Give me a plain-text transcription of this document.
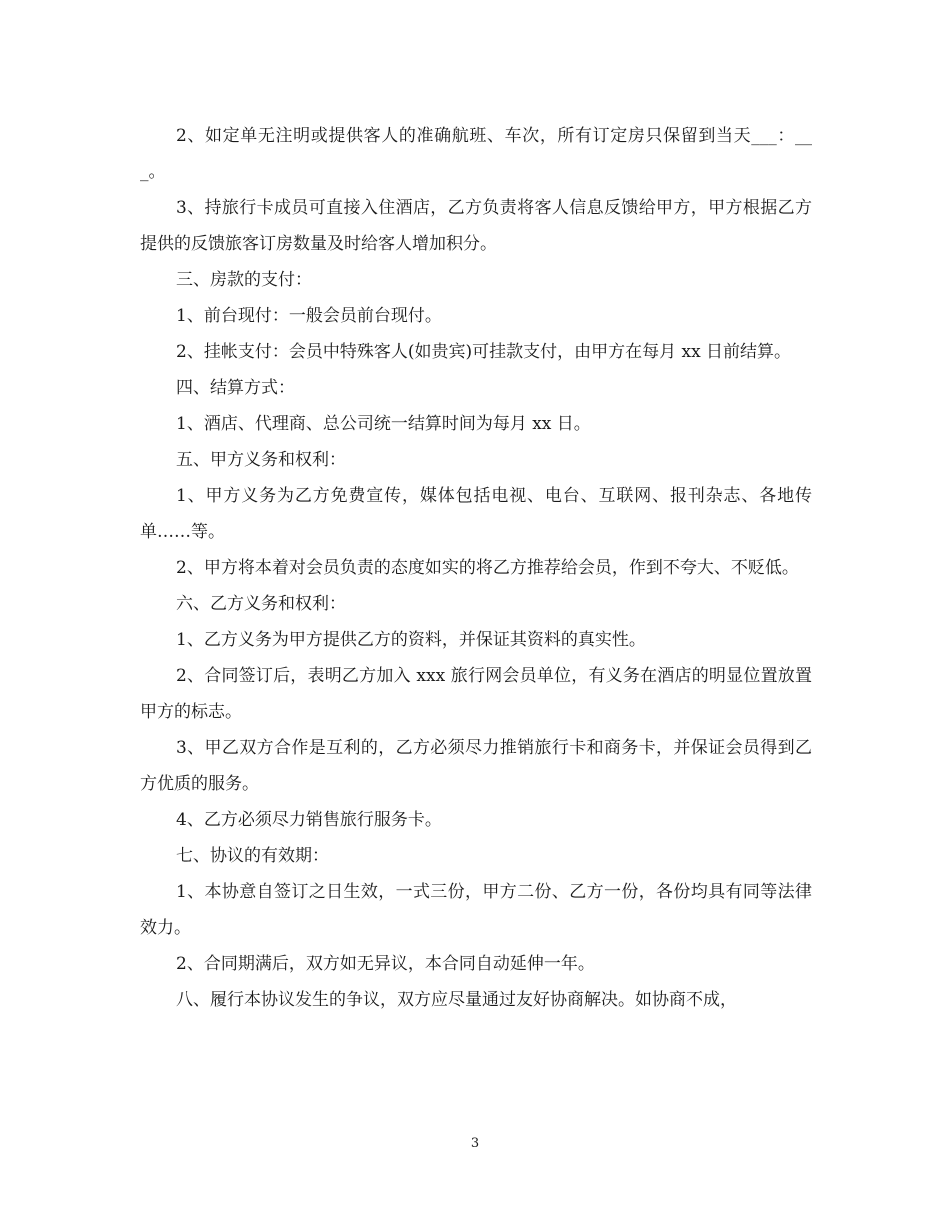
2、如定单无注明或提供客人的准确航班、车次，所有订定房只保留到当天___：___。

3、持旅行卡成员可直接入住酒店，乙方负责将客人信息反馈给甲方，甲方根据乙方提供的反馈旅客订房数量及时给客人增加积分。

三、房款的支付：

1、前台现付：一般会员前台现付。

2、挂帐支付：会员中特殊客人(如贵宾)可挂款支付，由甲方在每月 xx 日前结算。

四、结算方式：

1、酒店、代理商、总公司统一结算时间为每月 xx 日。

五、甲方义务和权利：

1、甲方义务为乙方免费宣传，媒体包括电视、电台、互联网、报刊杂志、各地传单……等。

2、甲方将本着对会员负责的态度如实的将乙方推荐给会员，作到不夸大、不贬低。

六、乙方义务和权利：

1、乙方义务为甲方提供乙方的资料，并保证其资料的真实性。

2、合同签订后，表明乙方加入 xxx 旅行网会员单位，有义务在酒店的明显位置放置甲方的标志。

3、甲乙双方合作是互利的，乙方必须尽力推销旅行卡和商务卡，并保证会员得到乙方优质的服务。

4、乙方必须尽力销售旅行服务卡。

七、协议的有效期：

1、本协意自签订之日生效，一式三份，甲方二份、乙方一份，各份均具有同等法律效力。

2、合同期满后，双方如无异议，本合同自动延伸一年。

八、履行本协议发生的争议，双方应尽量通过友好协商解决。如协商不成，

3
